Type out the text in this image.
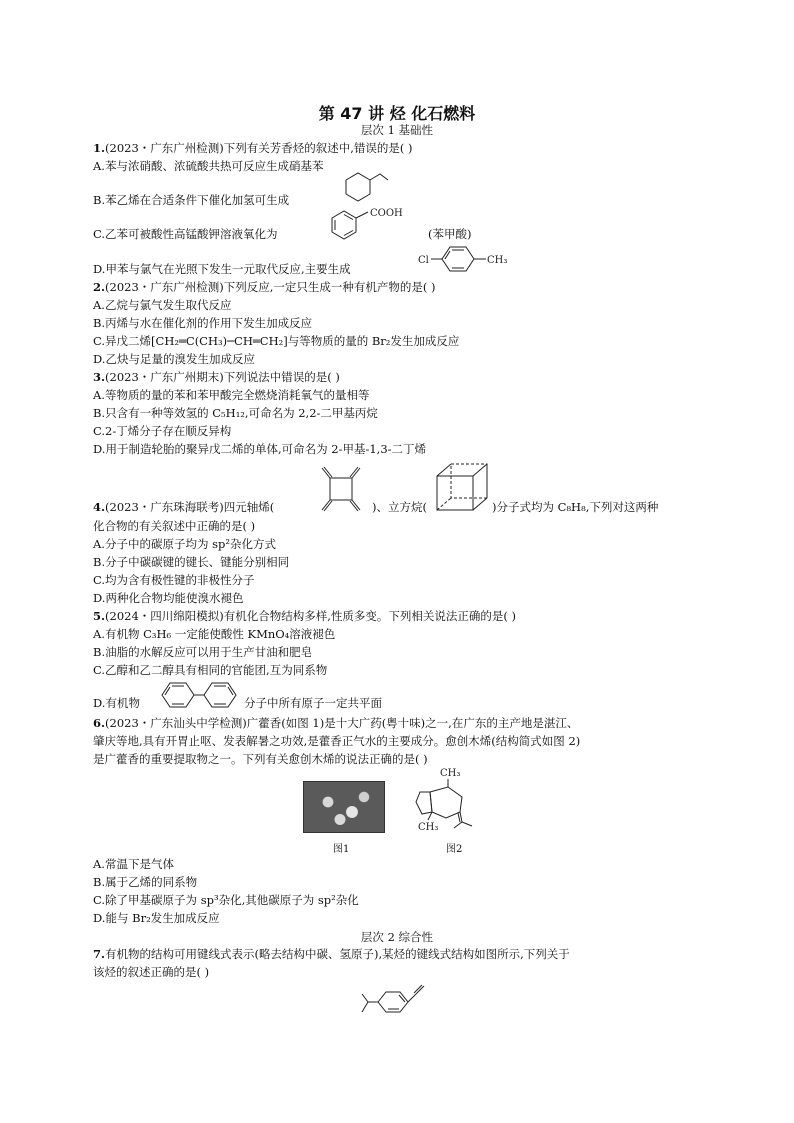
第 47 讲 烃 化石燃料
层次 1 基础性
1.(2023・广东广州检测)下列有关芳香烃的叙述中,错误的是( )
A.苯与浓硝酸、浓硫酸共热可反应生成硝基苯
B.苯乙烯在合适条件下催化加氢可生成
C.乙苯可被酸性高锰酸钾溶液氧化为
COOH
(苯甲酸)
D.甲苯与氯气在光照下发生一元取代反应,主要生成
Cl	CH₃
2.(2023・广东广州检测)下列反应,一定只生成一种有机产物的是( )
A.乙烷与氯气发生取代反应
B.丙烯与水在催化剂的作用下发生加成反应
C.异戊二烯[CH₂═C(CH₃)─CH═CH₂]与等物质的量的 Br₂发生加成反应
D.乙炔与足量的溴发生加成反应
3.(2023・广东广州期末)下列说法中错误的是( )
A.等物质的量的苯和苯甲酸完全燃烧消耗氧气的量相等
B.只含有一种等效氢的 C₅H₁₂,可命名为 2,2-二甲基丙烷
C.2-丁烯分子存在顺反异构
D.用于制造轮胎的聚异戊二烯的单体,可命名为 2-甲基-1,3-二丁烯
4.(2023・广东珠海联考)四元轴烯(	)、立方烷(	)分子式均为 C₈H₈,下列对这两种
化合物的有关叙述中正确的是( )
A.分子中的碳原子均为 sp²杂化方式
B.分子中碳碳键的键长、键能分别相同
C.均为含有极性键的非极性分子
D.两种化合物均能使溴水褪色
5.(2024・四川绵阳模拟)有机化合物结构多样,性质多变。下列相关说法正确的是( )
A.有机物 C₃H₆ 一定能使酸性 KMnO₄溶液褪色
B.油脂的水解反应可以用于生产甘油和肥皂
C.乙醇和乙二醇具有相同的官能团,互为同系物
D.有机物	分子中所有原子一定共平面
6.(2023・广东汕头中学检测)广藿香(如图 1)是十大广药(粤十味)之一,在广东的主产地是湛江、
肇庆等地,具有开胃止呕、发表解暑之功效,是藿香正气水的主要成分。愈创木烯(结构简式如图 2)
是广藿香的重要提取物之一。下列有关愈创木烯的说法正确的是( )
图1
CH₃
CH₃
图2
A.常温下是气体
B.属于乙烯的同系物
C.除了甲基碳原子为 sp³杂化,其他碳原子为 sp²杂化
D.能与 Br₂发生加成反应
层次 2 综合性
7.有机物的结构可用键线式表示(略去结构中碳、氢原子),某烃的键线式结构如图所示,下列关于
该烃的叙述正确的是( )
